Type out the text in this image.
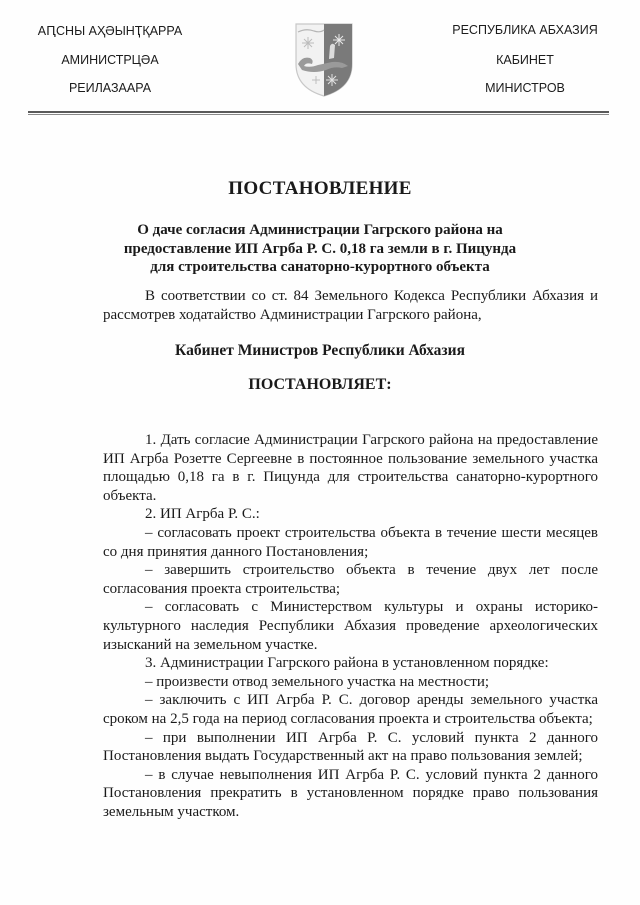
АԤСНЫ АҲӘЫНҬҚАРРА
АМИНИСТРЦӘА
РЕИЛАЗААРА
РЕСПУБЛИКА АБХАЗИЯ
КАБИНЕТ
МИНИСТРОВ
ПОСТАНОВЛЕНИЕ
О даче согласия Администрации Гагрского района на
предоставление ИП Агрба Р. С. 0,18 га земли в г. Пицунда
для строительства санаторно-курортного объекта

В соответствии со ст. 84 Земельного Кодекса Республики Абхазия и рассмотрев ходатайство Администрации Гагрского района,

Кабинет Министров Республики Абхазия
ПОСТАНОВЛЯЕТ:

1. Дать согласие Администрации Гагрского района на предоставление ИП Агрба Розетте Сергеевне в постоянное пользование земельного участка площадью 0,18 га в г. Пицунда для строительства санаторно-курортного объекта.

2. ИП Агрба Р. С.:

– согласовать проект строительства объекта в течение шести месяцев со дня принятия данного Постановления;

– завершить строительство объекта в течение двух лет после согласования проекта строительства;

– согласовать с Министерством культуры и охраны историко-культурного наследия Республики Абхазия проведение археологических изысканий на земельном участке.

3. Администрации Гагрского района в установленном порядке:

– произвести отвод земельного участка на местности;

– заключить с ИП Агрба Р. С. договор аренды земельного участка сроком на 2,5 года на период согласования проекта и строительства объекта;

– при выполнении ИП Агрба Р. С. условий пункта 2 данного Постановления выдать Государственный акт на право пользования землей;

– в случае невыполнения ИП Агрба Р. С. условий пункта 2 данного Постановления прекратить в установленном порядке право пользования земельным участком.
